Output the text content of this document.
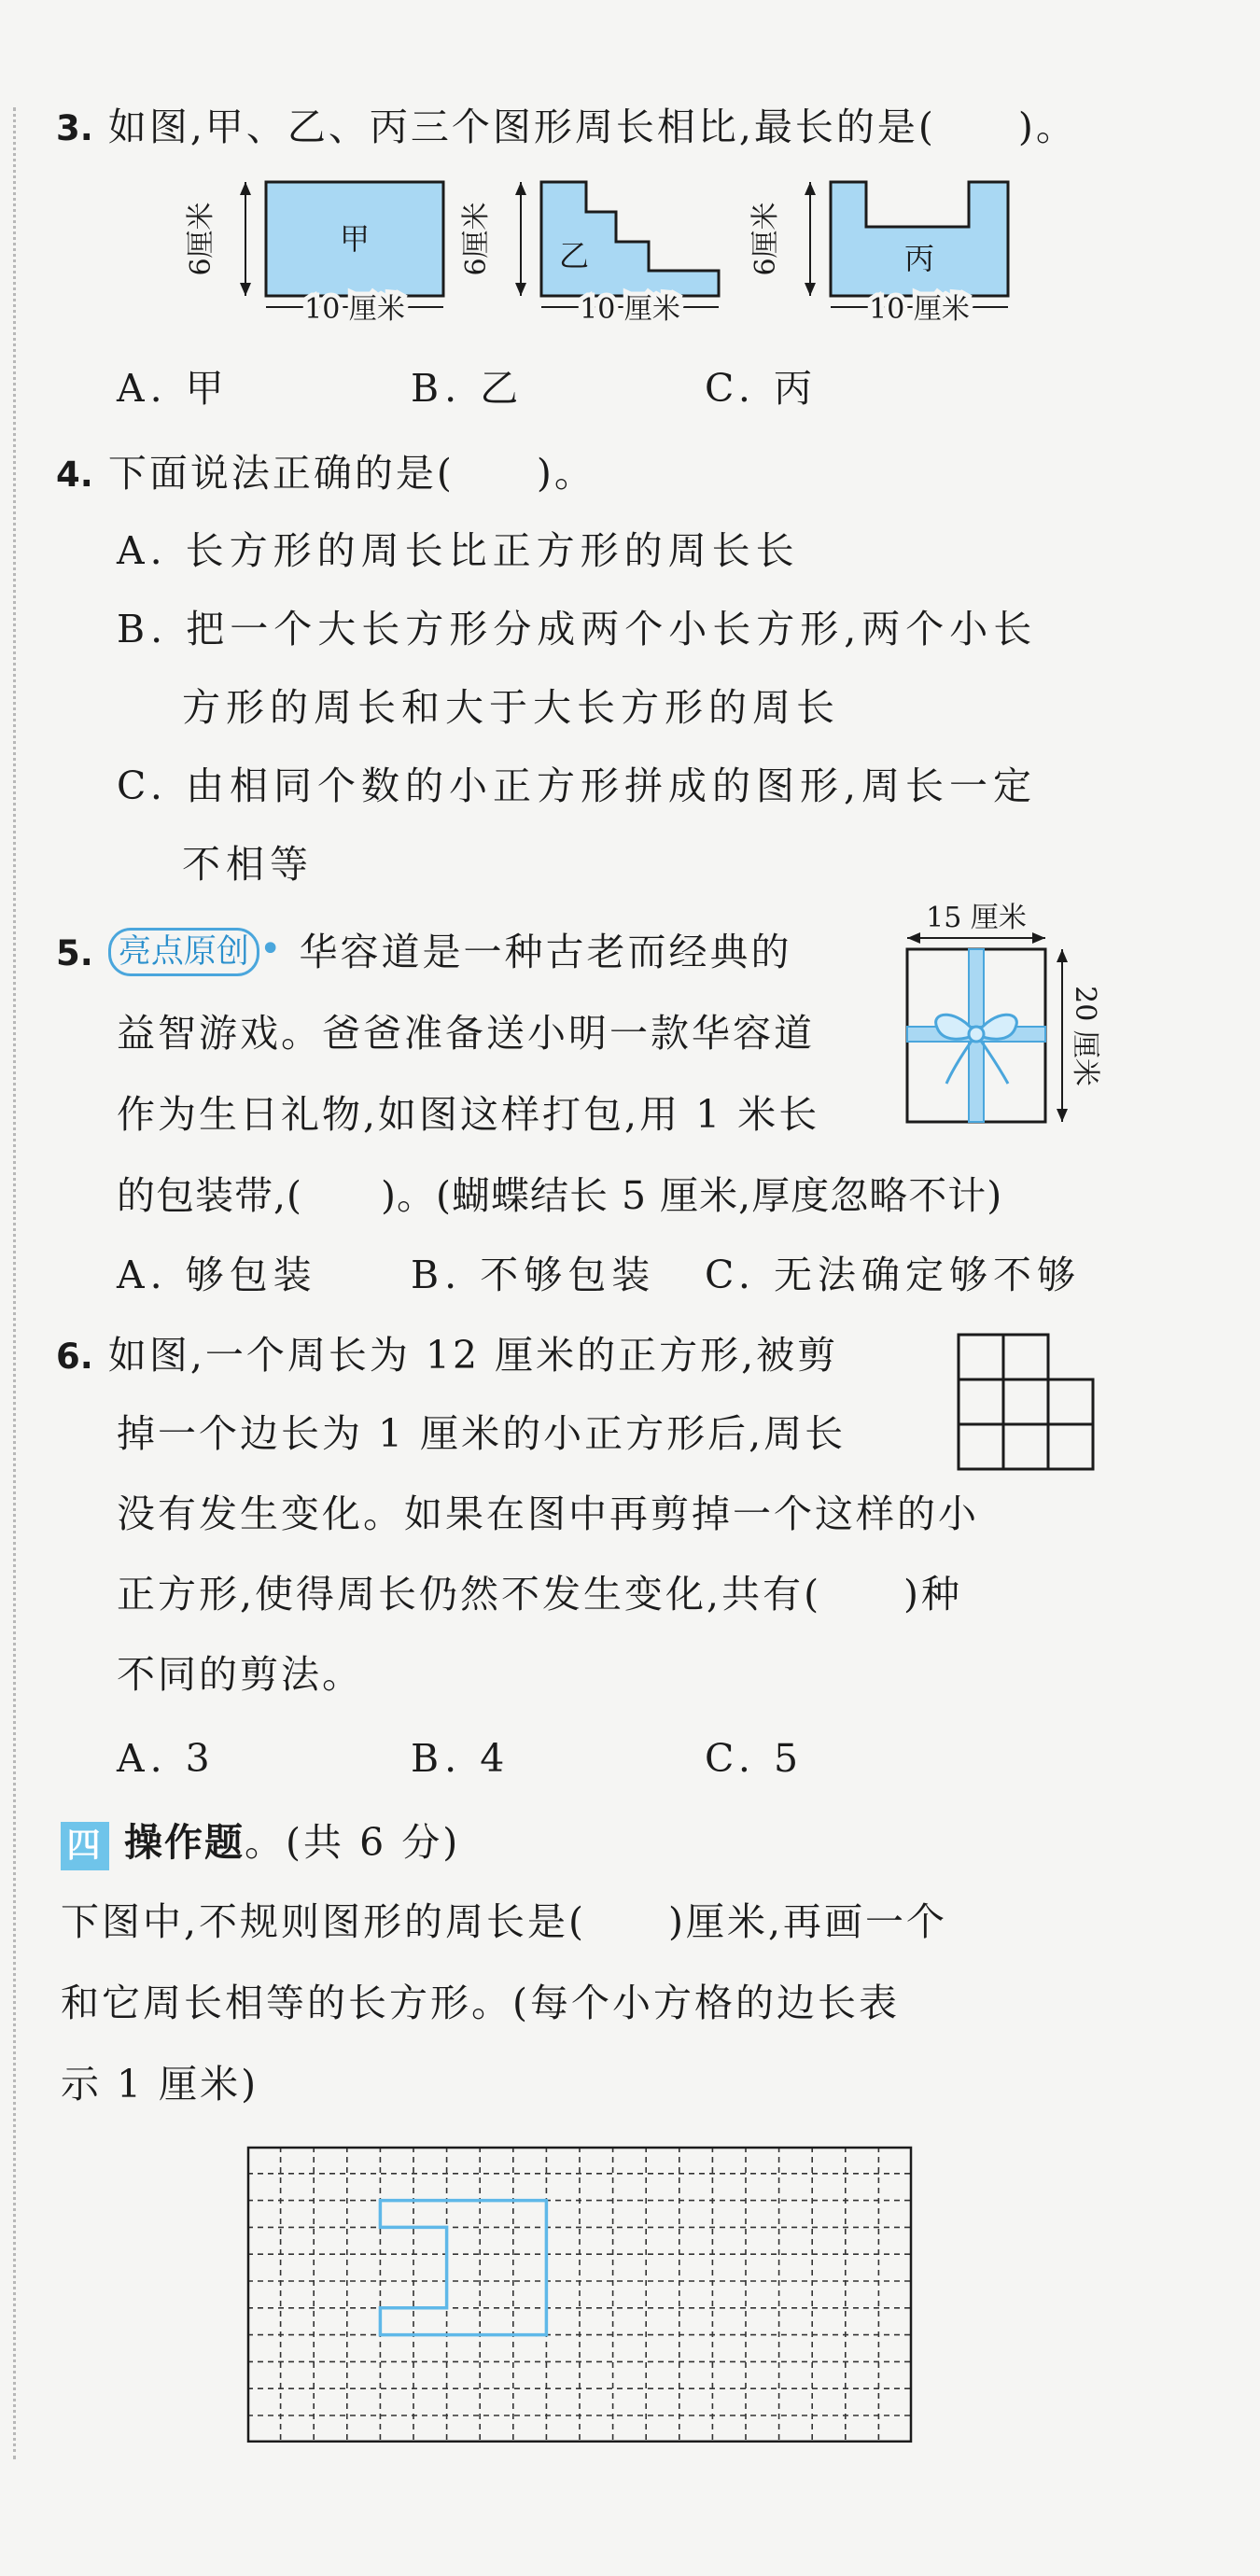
3. 如图,甲、乙、丙三个图形周长相比,最长的是(　　)。
甲
6厘米
10 厘米
乙
6厘米
10 厘米
丙
6厘米
10 厘米
A. 甲	B. 乙	C. 丙
4. 下面说法正确的是(　　)。
A. 长方形的周长比正方形的周长长
B. 把一个大长方形分成两个小长方形,两个小长
方形的周长和大于大长方形的周长
C. 由相同个数的小正方形拼成的图形,周长一定
不相等
5. 亮点原创 • 华容道是一种古老而经典的
益智游戏。爸爸准备送小明一款华容道
作为生日礼物,如图这样打包,用 1 米长
的包装带,(　　)。(蝴蝶结长 5 厘米,厚度忽略不计)
15 厘米
20 厘米
A. 够包装 B. 不够包装 C. 无法确定够不够
6. 如图,一个周长为 12 厘米的正方形,被剪
掉一个边长为 1 厘米的小正方形后,周长
没有发生变化。如果在图中再剪掉一个这样的小
正方形,使得周长仍然不发生变化,共有(　　)种
不同的剪法。
A. 3	B. 4	C. 5
四 操作题。(共 6 分)
下图中,不规则图形的周长是(　　)厘米,再画一个
和它周长相等的长方形。(每个小方格的边长表
示 1 厘米)
